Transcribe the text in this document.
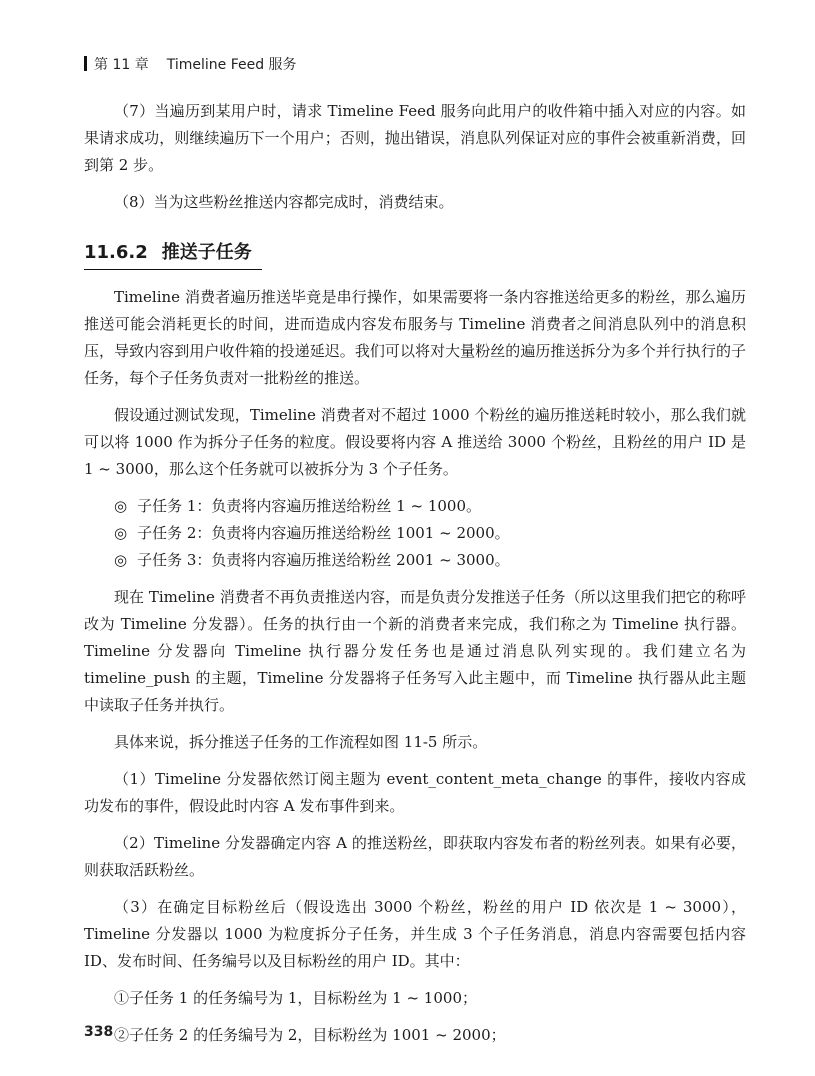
第 11 章 Timeline Feed 服务

（7）当遍历到某用户时，请求 Timeline Feed 服务向此用户的收件箱中插入对应的内容。如果请求成功，则继续遍历下一个用户；否则，抛出错误，消息队列保证对应的事件会被重新消费，回到第 2 步。

（8）当为这些粉丝推送内容都完成时，消费结束。

11.6.2 推送子任务

Timeline 消费者遍历推送毕竟是串行操作，如果需要将一条内容推送给更多的粉丝，那么遍历推送可能会消耗更长的时间，进而造成内容发布服务与 Timeline 消费者之间消息队列中的消息积压，导致内容到用户收件箱的投递延迟。我们可以将对大量粉丝的遍历推送拆分为多个并行执行的子任务，每个子任务负责对一批粉丝的推送。

假设通过测试发现，Timeline 消费者对不超过 1000 个粉丝的遍历推送耗时较小，那么我们就可以将 1000 作为拆分子任务的粒度。假设要将内容 A 推送给 3000 个粉丝，且粉丝的用户 ID 是 1 ~ 3000，那么这个任务就可以被拆分为 3 个子任务。

◎ 子任务 1：负责将内容遍历推送给粉丝 1 ~ 1000。
◎ 子任务 2：负责将内容遍历推送给粉丝 1001 ~ 2000。
◎ 子任务 3：负责将内容遍历推送给粉丝 2001 ~ 3000。

现在 Timeline 消费者不再负责推送内容，而是负责分发推送子任务（所以这里我们把它的称呼改为 Timeline 分发器）。任务的执行由一个新的消费者来完成，我们称之为 Timeline 执行器。Timeline 分发器向 Timeline 执行器分发任务也是通过消息队列实现的。我们建立名为 timeline_push 的主题，Timeline 分发器将子任务写入此主题中，而 Timeline 执行器从此主题中读取子任务并执行。

具体来说，拆分推送子任务的工作流程如图 11-5 所示。

（1）Timeline 分发器依然订阅主题为 event_content_meta_change 的事件，接收内容成功发布的事件，假设此时内容 A 发布事件到来。

（2）Timeline 分发器确定内容 A 的推送粉丝，即获取内容发布者的粉丝列表。如果有必要，则获取活跃粉丝。

（3）在确定目标粉丝后（假设选出 3000 个粉丝，粉丝的用户 ID 依次是 1 ~ 3000），Timeline 分发器以 1000 为粒度拆分子任务，并生成 3 个子任务消息，消息内容需要包括内容 ID、发布时间、任务编号以及目标粉丝的用户 ID。其中：

①子任务 1 的任务编号为 1，目标粉丝为 1 ~ 1000；

②子任务 2 的任务编号为 2，目标粉丝为 1001 ~ 2000；

338
